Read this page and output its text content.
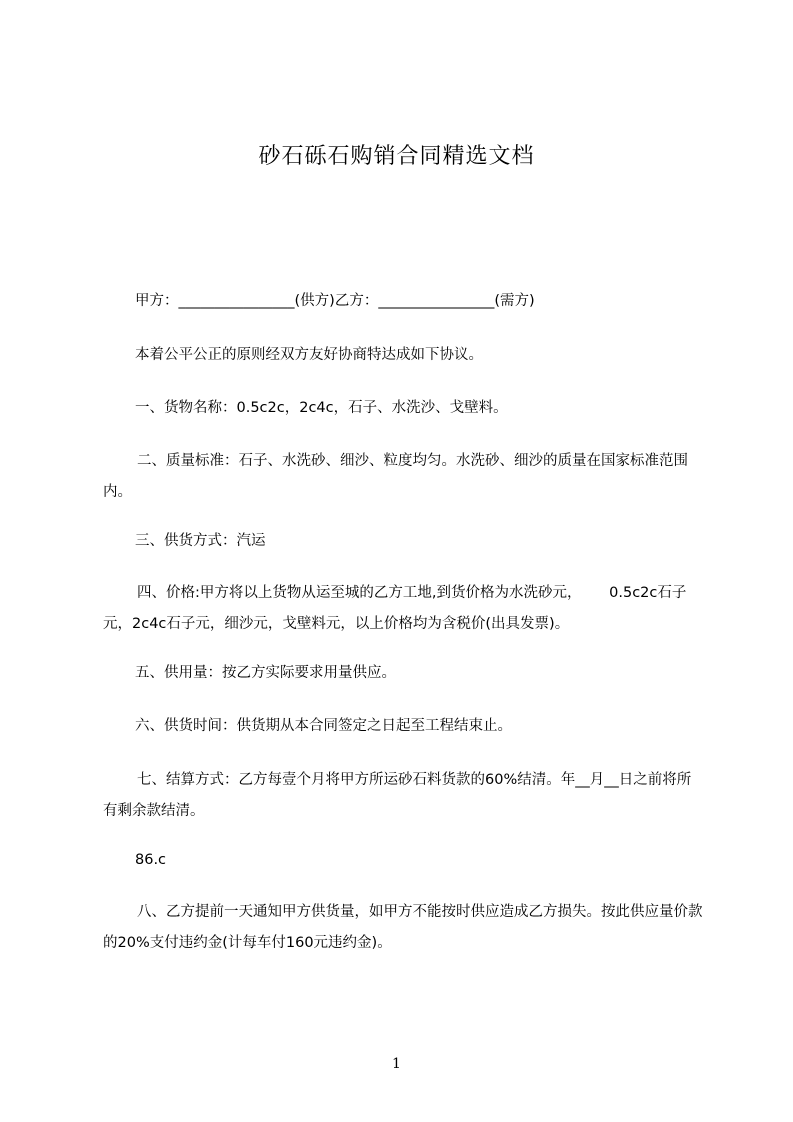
砂石砾石购销合同精选文档
甲方：________________(供方)乙方：________________(需方)
本着公平公正的原则经双方友好协商特达成如下协议。
一、货物名称：0.5c2c，2c4c，石子、水洗沙、戈壁料。
二、质量标准：石子、水洗砂、细沙、粒度均匀。水洗砂、细沙的质量在国家标准范围内。
三、供货方式：汽运
四、价格:甲方将以上货物从运至城的乙方工地,到货价格为水洗砂元，      0.5c2c石子元，2c4c石子元，细沙元，戈壁料元，以上价格均为含税价(出具发票)。
五、供用量：按乙方实际要求用量供应。
六、供货时间：供货期从本合同签定之日起至工程结束止。
七、结算方式：乙方每壹个月将甲方所运砂石料货款的60%结清。年__月__日之前将所有剩余款结清。
86.c
八、乙方提前一天通知甲方供货量，如甲方不能按时供应造成乙方损失。按此供应量价款的20%支付违约金(计每车付160元违约金)。
1
